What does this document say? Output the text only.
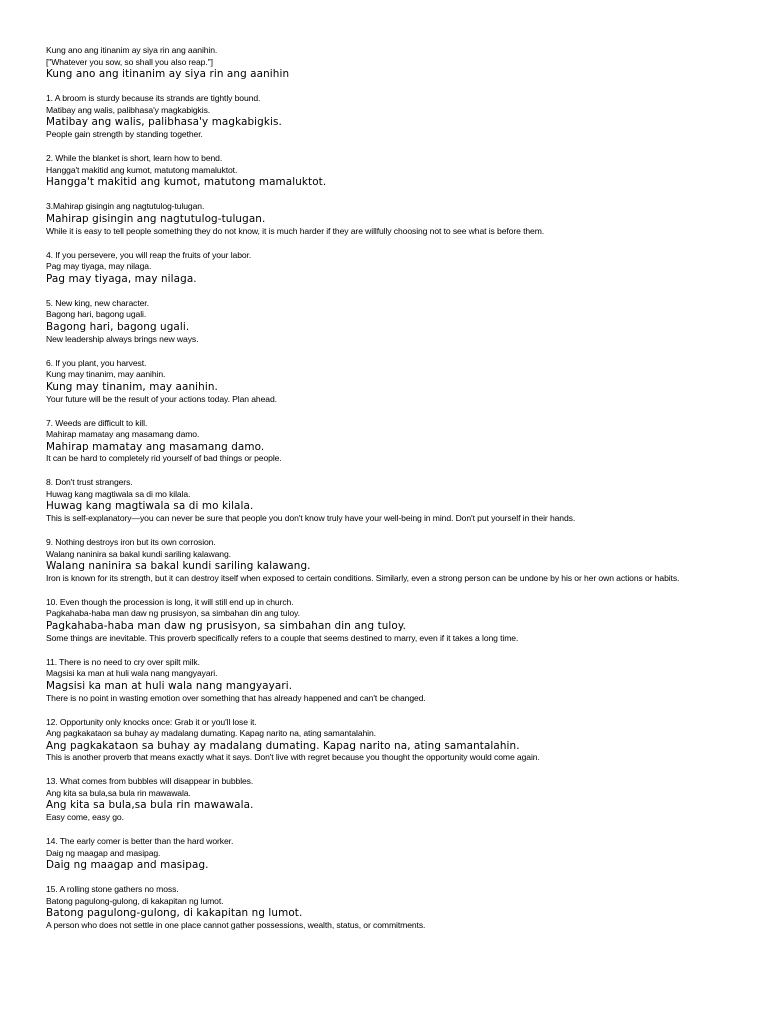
Kung ano ang itinanim ay siya rin ang aanihin.
["Whatever you sow, so shall you also reap."]
Kung ano ang itinanim ay siya rin ang aanihin
1. A broom is sturdy because its strands are tightly bound.
Matibay ang walis, palibhasa'y magkabigkis.
Matibay ang walis, palibhasa'y magkabigkis.
People gain strength by standing together.
2. While the blanket is short, learn how to bend.
Hangga't makitid ang kumot, matutong mamaluktot.
Hangga't makitid ang kumot, matutong mamaluktot.
3.Mahirap gisingin ang nagtutulog-tulugan.
Mahirap gisingin ang nagtutulog-tulugan.
While it is easy to tell people something they do not know, it is much harder if they are willfully choosing not to see what is before them.
4. If you persevere, you will reap the fruits of your labor.
Pag may tiyaga, may nilaga.
Pag may tiyaga, may nilaga.
5. New king, new character.
Bagong hari, bagong ugali.
Bagong hari, bagong ugali.
New leadership always brings new ways.
6. If you plant, you harvest.
Kung may tinanim, may aanihin.
Kung may tinanim, may aanihin.
Your future will be the result of your actions today. Plan ahead.
7. Weeds are difficult to kill.
Mahirap mamatay ang masamang damo.
Mahirap mamatay ang masamang damo.
It can be hard to completely rid yourself of bad things or people.
8. Don't trust strangers.
Huwag kang magtiwala sa di mo kilala.
Huwag kang magtiwala sa di mo kilala.
This is self-explanatory—you can never be sure that people you don't know truly have your well-being in mind. Don't put yourself in their hands.
9. Nothing destroys iron but its own corrosion.
Walang naninira sa bakal kundi sariling kalawang.
Walang naninira sa bakal kundi sariling kalawang.
Iron is known for its strength, but it can destroy itself when exposed to certain conditions. Similarly, even a strong person can be undone by his or her own actions or habits.
10. Even though the procession is long, it will still end up in church.
Pagkahaba-haba man daw ng prusisyon, sa simbahan din ang tuloy.
Pagkahaba-haba man daw ng prusisyon, sa simbahan din ang tuloy.
Some things are inevitable. This proverb specifically refers to a couple that seems destined to marry, even if it takes a long time.
11. There is no need to cry over spilt milk.
Magsisi ka man at huli wala nang mangyayari.
Magsisi ka man at huli wala nang mangyayari.
There is no point in wasting emotion over something that has already happened and can't be changed.
12. Opportunity only knocks once: Grab it or you'll lose it.
Ang pagkakataon sa buhay ay madalang dumating. Kapag narito na, ating samantalahin.
Ang pagkakataon sa buhay ay madalang dumating. Kapag narito na, ating samantalahin.
This is another proverb that means exactly what it says. Don't live with regret because you thought the opportunity would come again.
13. What comes from bubbles will disappear in bubbles.
Ang kita sa bula,sa bula rin mawawala.
Ang kita sa bula,sa bula rin mawawala.
Easy come, easy go.
14. The early comer is better than the hard worker.
Daig ng maagap and masipag.
Daig ng maagap and masipag.
15. A rolling stone gathers no moss.
Batong pagulong-gulong, di kakapitan ng lumot.
Batong pagulong-gulong, di kakapitan ng lumot.
A person who does not settle in one place cannot gather possessions, wealth, status, or commitments.
